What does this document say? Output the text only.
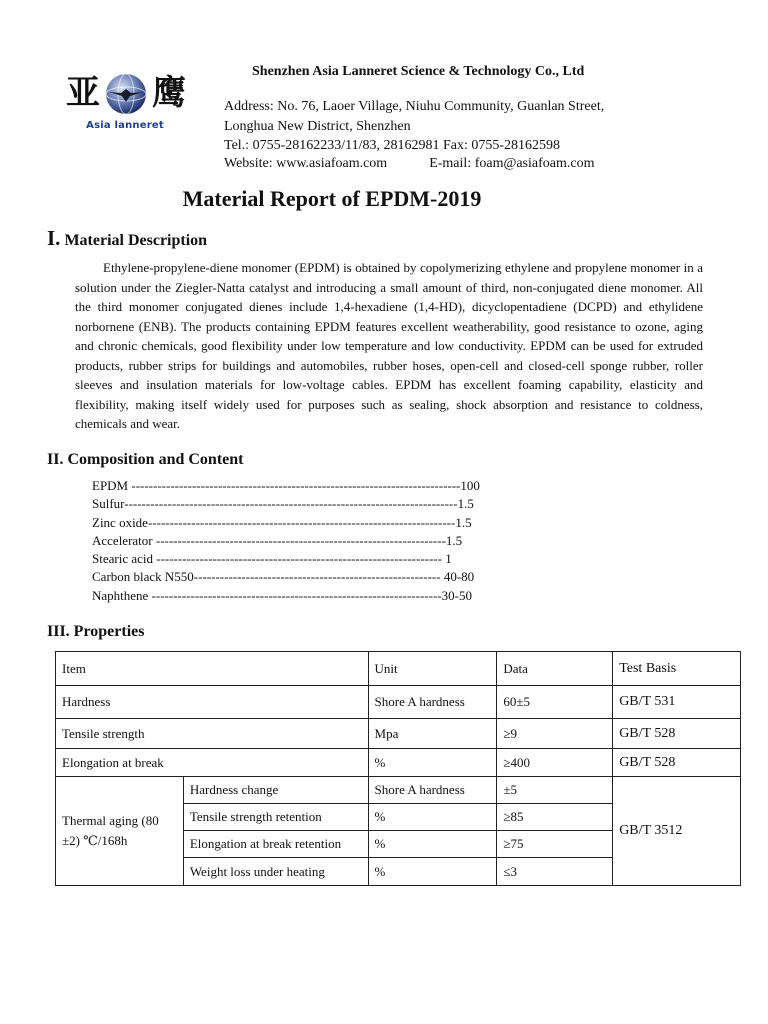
亚 鹰
Asia lanneret
Shenzhen Asia Lanneret Science & Technology Co., Ltd
Address: No. 76, Laoer Village, Niuhu Community, Guanlan Street,
Longhua New District, Shenzhen
Tel.: 0755-28162233/11/83, 28162981 Fax: 0755-28162598
Website: www.asiafoam.com	E-mail: foam@asiafoam.com
Material Report of EPDM-2019
I. Material Description

Ethylene-propylene-diene monomer (EPDM) is obtained by copolymerizing ethylene and propylene monomer in a solution under the Ziegler-Natta catalyst and introducing a small amount of third, non-conjugated diene monomer. All the third monomer conjugated dienes include 1,4-hexadiene (1,4-HD), dicyclopentadiene (DCPD) and ethylidene norbornene (ENB). The products containing EPDM features excellent weatherability, good resistance to ozone, aging and chronic chemicals, good flexibility under low temperature and low conductivity. EPDM can be used for extruded products, rubber strips for buildings and automobiles, rubber hoses, open-cell and closed-cell sponge rubber, roller sleeves and insulation materials for low-voltage cables. EPDM has excellent foaming capability, elasticity and flexibility, making itself widely used for purposes such as sealing, shock absorption and resistance to coldness, chemicals and wear.

II. Composition and Content
EPDM ----------------------------------------------------------------------------100
Sulfur-----------------------------------------------------------------------------1.5
Zinc oxide-----------------------------------------------------------------------1.5
Accelerator -------------------------------------------------------------------1.5
Stearic acid ------------------------------------------------------------------ 1
Carbon black N550--------------------------------------------------------- 40-80
Naphthene -------------------------------------------------------------------30-50
III. Properties
Item		Unit	Data	Test Basis
Hardness		Shore A hardness	60±5	GB/T 531
Tensile strength		Mpa	≥9	GB/T 528
Elongation at break		%	≥400	GB/T 528
Thermal aging (80 ±2) ℃/168h	Hardness change	Shore A hardness	±5	GB/T 3512
	Tensile strength retention	%	≥85	
	Elongation at break retention	%	≥75	
	Weight loss under heating	%	≤3	
